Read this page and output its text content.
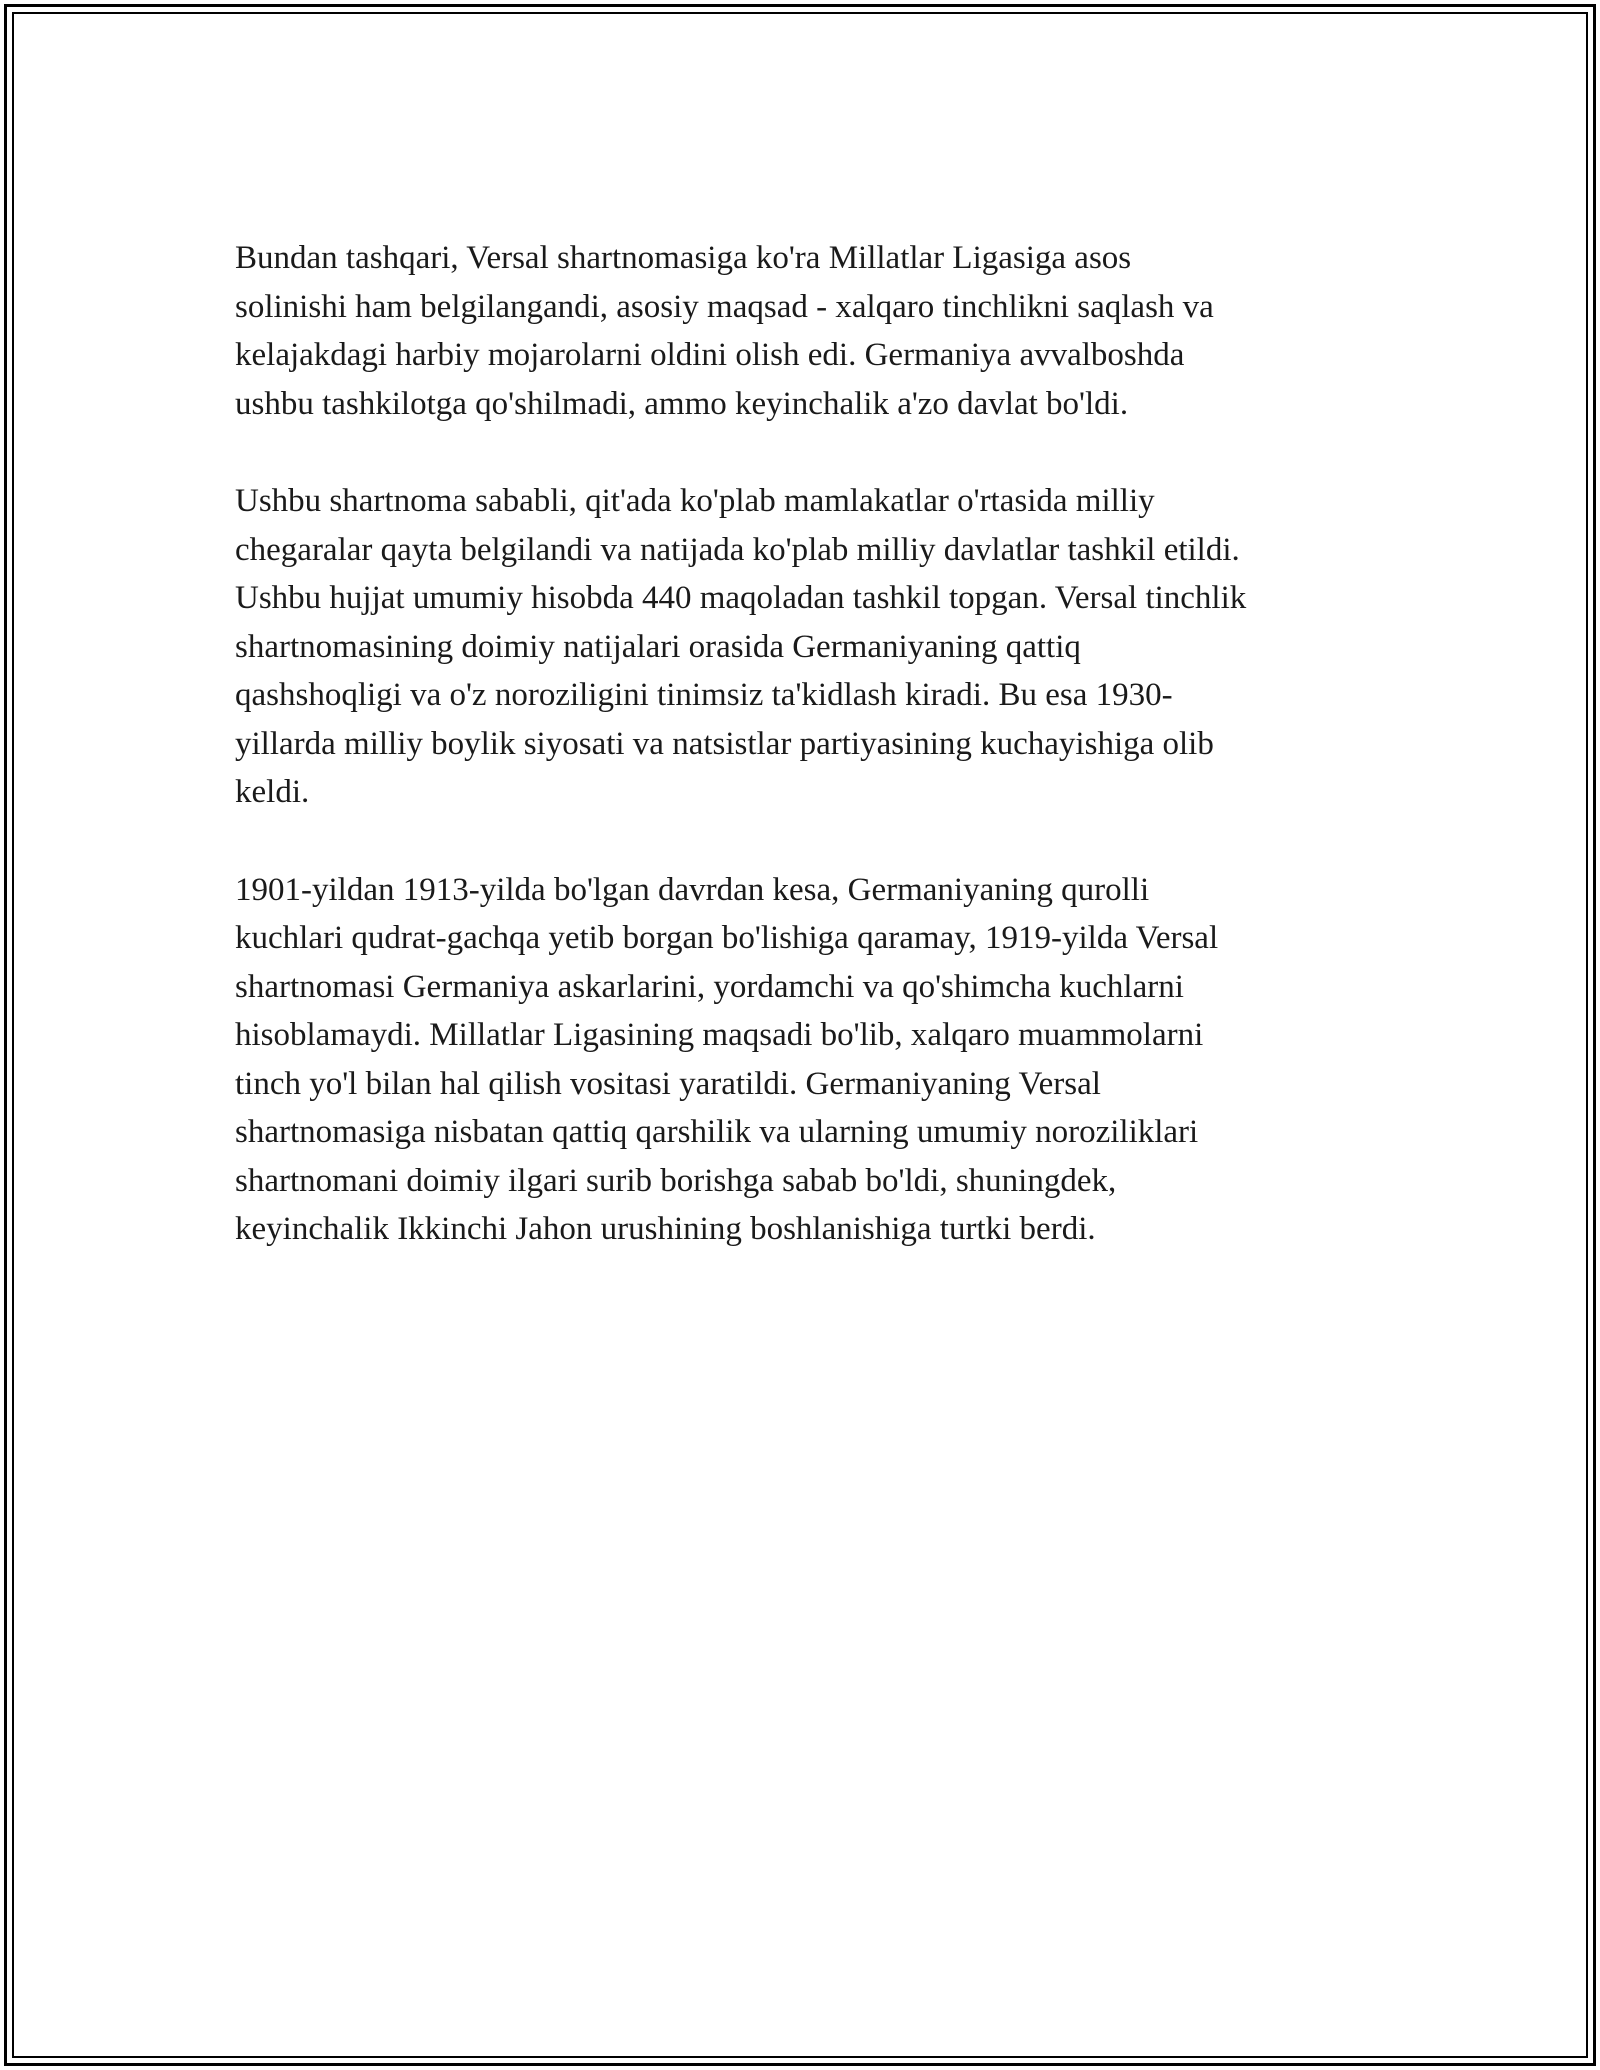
Bundan tashqari, Versal shartnomasiga ko'ra Millatlar Ligasiga asos
solinishi ham belgilangandi, asosiy maqsad - xalqaro tinchlikni saqlash va
kelajakdagi harbiy mojarolarni oldini olish edi. Germaniya avvalboshda
ushbu tashkilotga qo'shilmadi, ammo keyinchalik a'zo davlat bo'ldi.

Ushbu shartnoma sababli, qit'ada ko'plab mamlakatlar o'rtasida milliy
chegaralar qayta belgilandi va natijada ko'plab milliy davlatlar tashkil etildi.
Ushbu hujjat umumiy hisobda 440 maqoladan tashkil topgan. Versal tinchlik
shartnomasining doimiy natijalari orasida Germaniyaning qattiq
qashshoqligi va o'z noroziligini tinimsiz ta'kidlash kiradi. Bu esa 1930-
yillarda milliy boylik siyosati va natsistlar partiyasining kuchayishiga olib
keldi.

1901-yildan 1913-yilda bo'lgan davrdan kesa, Germaniyaning qurolli
kuchlari qudrat-gachqa yetib borgan bo'lishiga qaramay, 1919-yilda Versal
shartnomasi Germaniya askarlarini, yordamchi va qo'shimcha kuchlarni
hisoblamaydi. Millatlar Ligasining maqsadi bo'lib, xalqaro muammolarni
tinch yo'l bilan hal qilish vositasi yaratildi. Germaniyaning Versal
shartnomasiga nisbatan qattiq qarshilik va ularning umumiy noroziliklari
shartnomani doimiy ilgari surib borishga sabab bo'ldi, shuningdek,
keyinchalik Ikkinchi Jahon urushining boshlanishiga turtki berdi.
